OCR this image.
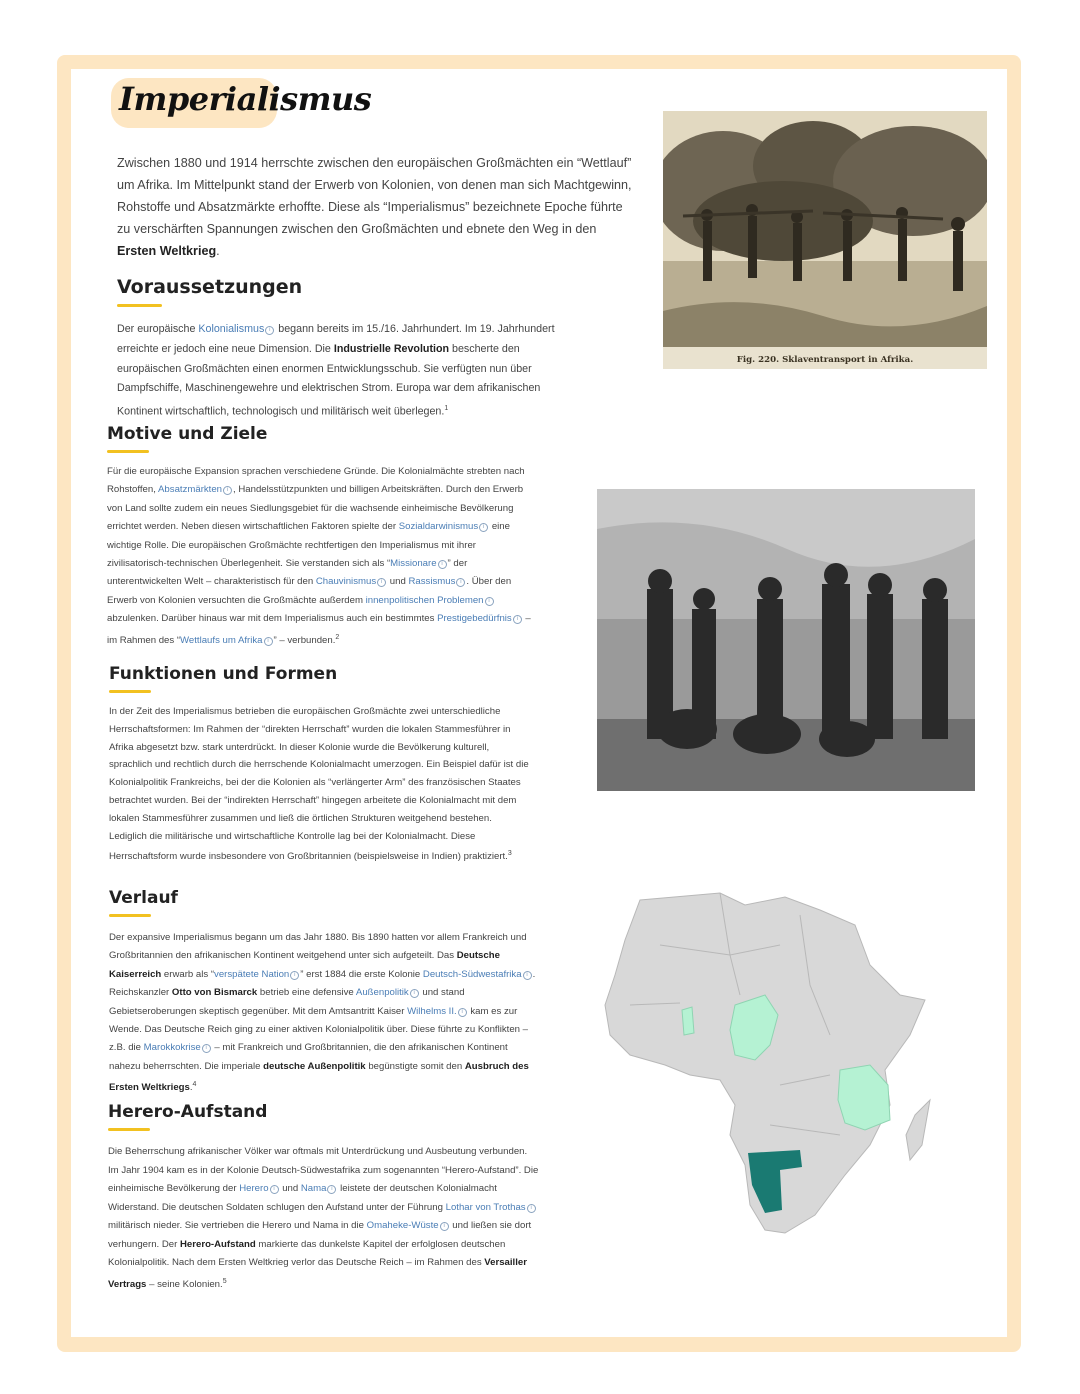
Imperialismus
Zwischen 1880 und 1914 herrschte zwischen den europäischen Großmächten ein “Wettlauf” um Afrika. Im Mittelpunkt stand der Erwerb von Kolonien, von denen man sich Machtgewinn, Rohstoffe und Absatzmärkte erhoffte. Diese als “Imperialismus” bezeichnete Epoche führte zu verschärften Spannungen zwischen den Großmächten und ebnete den Weg in den Ersten Weltkrieg.
Voraussetzungen
Der europäische Kolonialismus i begann bereits im 15./16. Jahrhundert. Im 19. Jahrhundert erreichte er jedoch eine neue Dimension. Die Industrielle Revolution bescherte den europäischen Großmächten einen enormen Entwicklungsschub. Sie verfügten nun über Dampfschiffe, Maschinengewehre und elektrischen Strom. Europa war dem afrikanischen Kontinent wirtschaftlich, technologisch und militärisch weit überlegen.$^1$
Motive und Ziele
Für die europäische Expansion sprachen verschiedene Gründe. Die Kolonialmächte strebten nach Rohstoffen, Absatzmärkten i , Handelsstützpunkten und billigen Arbeitskräften. Durch den Erwerb von Land sollte zudem ein neues Siedlungsgebiet für die wachsende einheimische Bevölkerung errichtet werden. Neben diesen wirtschaftlichen Faktoren spielte der Sozialdarwinismus i eine wichtige Rolle. Die europäischen Großmächte rechtfertigen den Imperialismus mit ihrer zivilisatorisch-technischen Überlegenheit. Sie verstanden sich als “Missionare i ” der unterentwickelten Welt – charakteristisch für den Chauvinismus i und Rassismus i . Über den Erwerb von Kolonien versuchten die Großmächte außerdem innenpolitischen Problemen i abzulenken. Darüber hinaus war mit dem Imperialismus auch ein bestimmtes Prestigebedürfnis i – im Rahmen des “Wettlaufs um Afrika i ” – verbunden.$^2$
Funktionen und Formen
In der Zeit des Imperialismus betrieben die europäischen Großmächte zwei unterschiedliche Herrschaftsformen: Im Rahmen der “direkten Herrschaft” wurden die lokalen Stammesführer in Afrika abgesetzt bzw. stark unterdrückt. In dieser Kolonie wurde die Bevölkerung kulturell, sprachlich und rechtlich durch die herrschende Kolonialmacht umerzogen. Ein Beispiel dafür ist die Kolonialpolitik Frankreichs, bei der die Kolonien als “verlängerter Arm” des französischen Staates betrachtet wurden. Bei der “indirekten Herrschaft” hingegen arbeitete die Kolonialmacht mit dem lokalen Stammesführer zusammen und ließ die örtlichen Strukturen weitgehend bestehen. Lediglich die militärische und wirtschaftliche Kontrolle lag bei der Kolonialmacht. Diese Herrschaftsform wurde insbesondere von Großbritannien (beispielsweise in Indien) praktiziert.$^3$
Verlauf
Der expansive Imperialismus begann um das Jahr 1880. Bis 1890 hatten vor allem Frankreich und Großbritannien den afrikanischen Kontinent weitgehend unter sich aufgeteilt. Das Deutsche Kaiserreich erwarb als “verspätete Nation i ” erst 1884 die erste Kolonie Deutsch-Südwestafrika i . Reichskanzler Otto von Bismarck betrieb eine defensive Außenpolitik i und stand Gebietseroberungen skeptisch gegenüber. Mit dem Amtsantritt Kaiser Wilhelms II. i kam es zur Wende. Das Deutsche Reich ging zu einer aktiven Kolonialpolitik über. Diese führte zu Konflikten – z.B. die Marokkokrise i – mit Frankreich und Großbritannien, die den afrikanischen Kontinent nahezu beherrschten. Die imperiale deutsche Außenpolitik begünstigte somit den Ausbruch des Ersten Weltkriegs.$^4$
Herero-Aufstand
Die Beherrschung afrikanischer Völker war oftmals mit Unterdrückung und Ausbeutung verbunden. Im Jahr 1904 kam es in der Kolonie Deutsch-Südwestafrika zum sogenannten “Herero-Aufstand”. Die einheimische Bevölkerung der Herero i und Nama i leistete der deutschen Kolonialmacht Widerstand. Die deutschen Soldaten schlugen den Aufstand unter der Führung Lothar von Trothas i militärisch nieder. Sie vertrieben die Herero und Nama in die Omaheke-Wüste i und ließen sie dort verhungern. Der Herero-Aufstand markierte das dunkelste Kapitel der erfolglosen deutschen Kolonialpolitik. Nach dem Ersten Weltkrieg verlor das Deutsche Reich – im Rahmen des Versailler Vertrags – seine Kolonien.$^5$
Fig. 220. Sklaventransport in Afrika.
